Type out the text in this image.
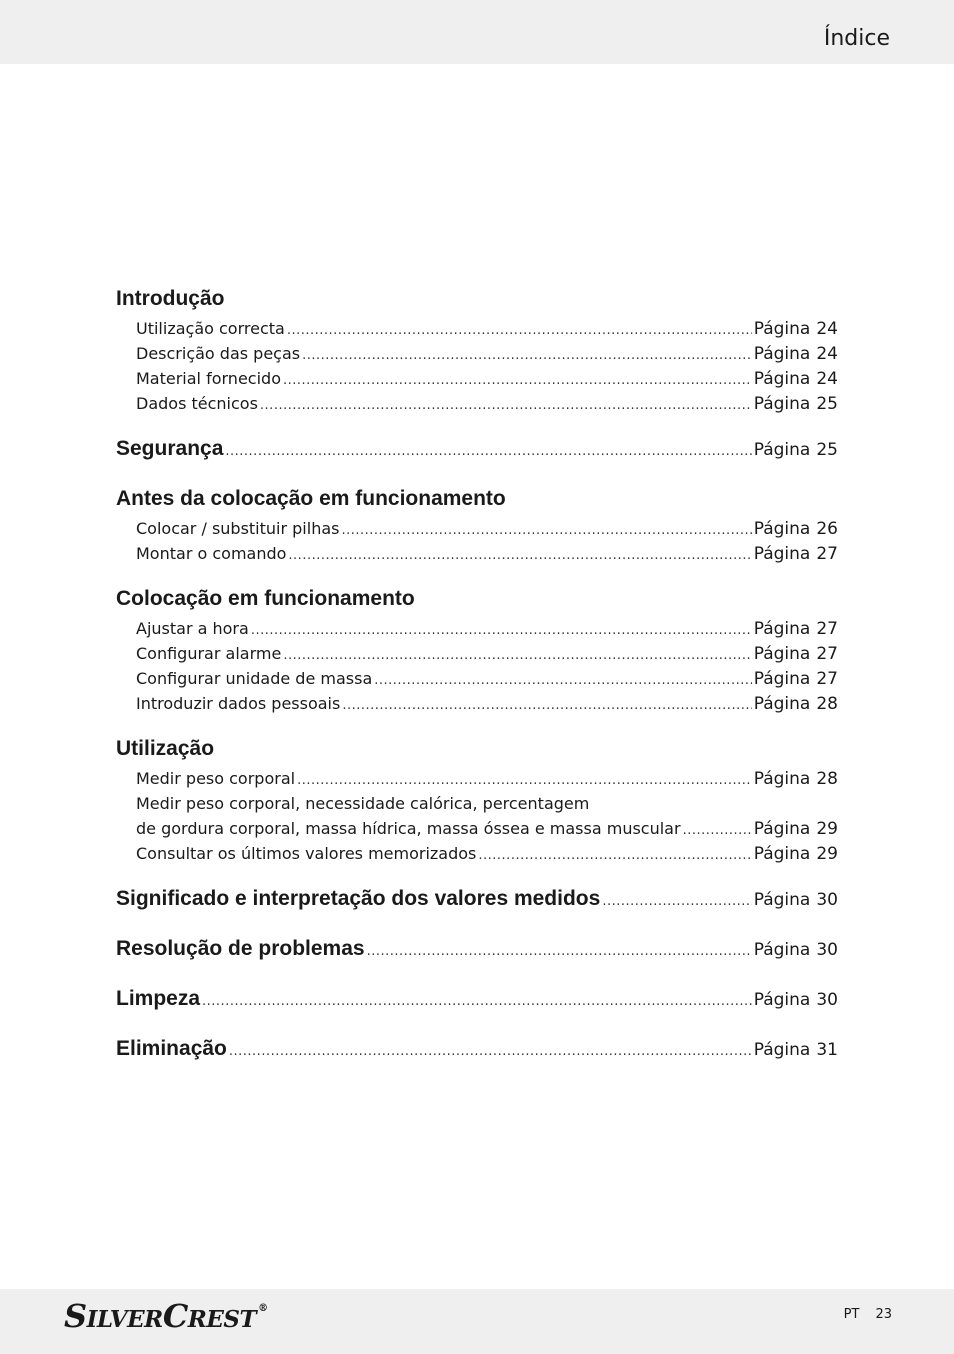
Índice
Introdução
Utilização correcta .....	Página 24
Descrição das peças .....	Página 24
Material fornecido .....	Página 24
Dados técnicos .....	Página 25
Segurança .....	Página 25
Antes da colocação em funcionamento
Colocar / substituir pilhas .....	Página 26
Montar o comando .....	Página 27
Colocação em funcionamento
Ajustar a hora .....	Página 27
Configurar alarme .....	Página 27
Configurar unidade de massa .....	Página 27
Introduzir dados pessoais .....	Página 28
Utilização
Medir peso corporal .....	Página 28
Medir peso corporal, necessidade calórica, percentagem
de gordura corporal, massa hídrica, massa óssea e massa muscular .....	Página 29
Consultar os últimos valores memorizados .....	Página 29
Significado e interpretação dos valores medidos .....	Página 30
Resolução de problemas .....	Página 30
Limpeza .....	Página 30
Eliminação .....	Página 31
SILVERCREST ®	PT 23
